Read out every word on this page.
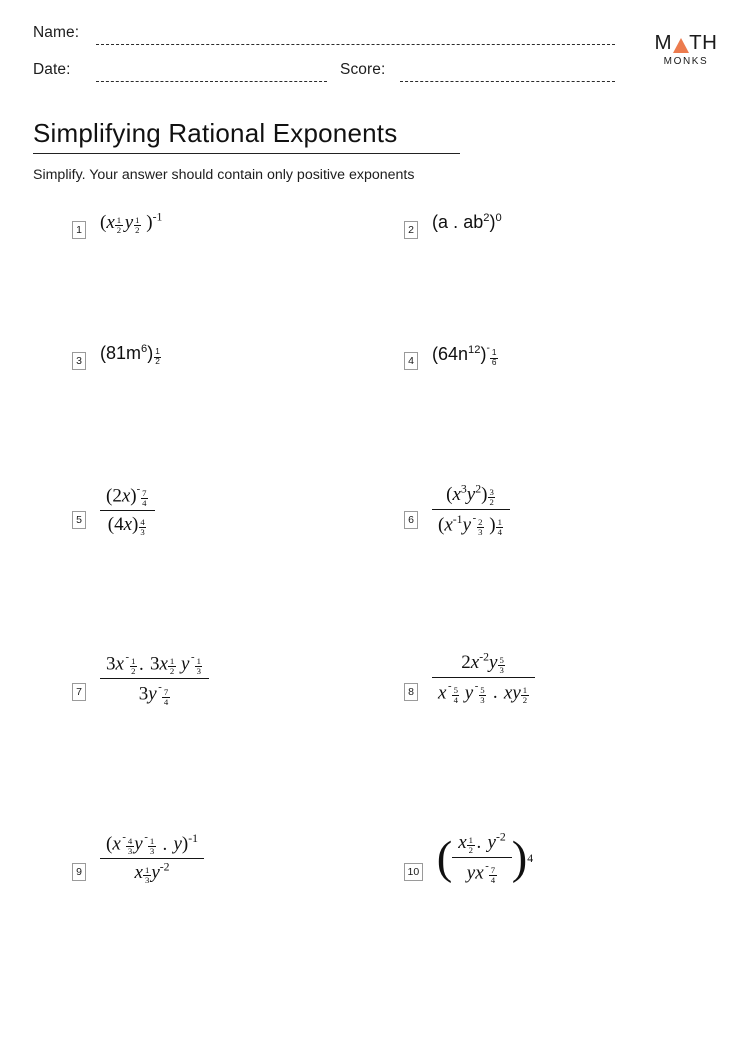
Name:
Date:	Score:
M TH
MONKS
Simplifying Rational Exponents
Simplify. Your answer should contain only positive exponents
1 ($x \frac{1}{2}$
  y $\frac{1}{2} )^{-1}$
2 (a . $ab^2)^0$
3 $(81m^6) \frac{1}{2}$	4 $(64n^{12})^-$
$\frac{1}{6}$
$5 \frac{(2x)^- \frac{7}{4}}{(4x) \frac{4}{3}}$	$6 \frac{(x^3y^2) \frac{3}{2}}{(x^{-1}y ^- \frac{2}{3} ) \frac{1}{4}}$
$7 \frac{3x ^- \frac{1}{2} . 3x \frac{1}{2} y ^- \frac{1}{3}}{3y ^- \frac{7}{4}}$	$8 \frac{2x^{-2}y \frac{5}{3}}{x ^- \frac{5}{4} y ^- \frac{5}{3} . xy \frac{1}{2}}$
$9 \frac{(x ^- \frac{4}{3} y ^- \frac{1}{3} . y)^{-1}}{x \frac{1}{3} y^{-2}}$	10 ( x $\frac{1}{2}$ . $y^{-2}$
yx  $^- \frac{7}{4}$ ) 4
